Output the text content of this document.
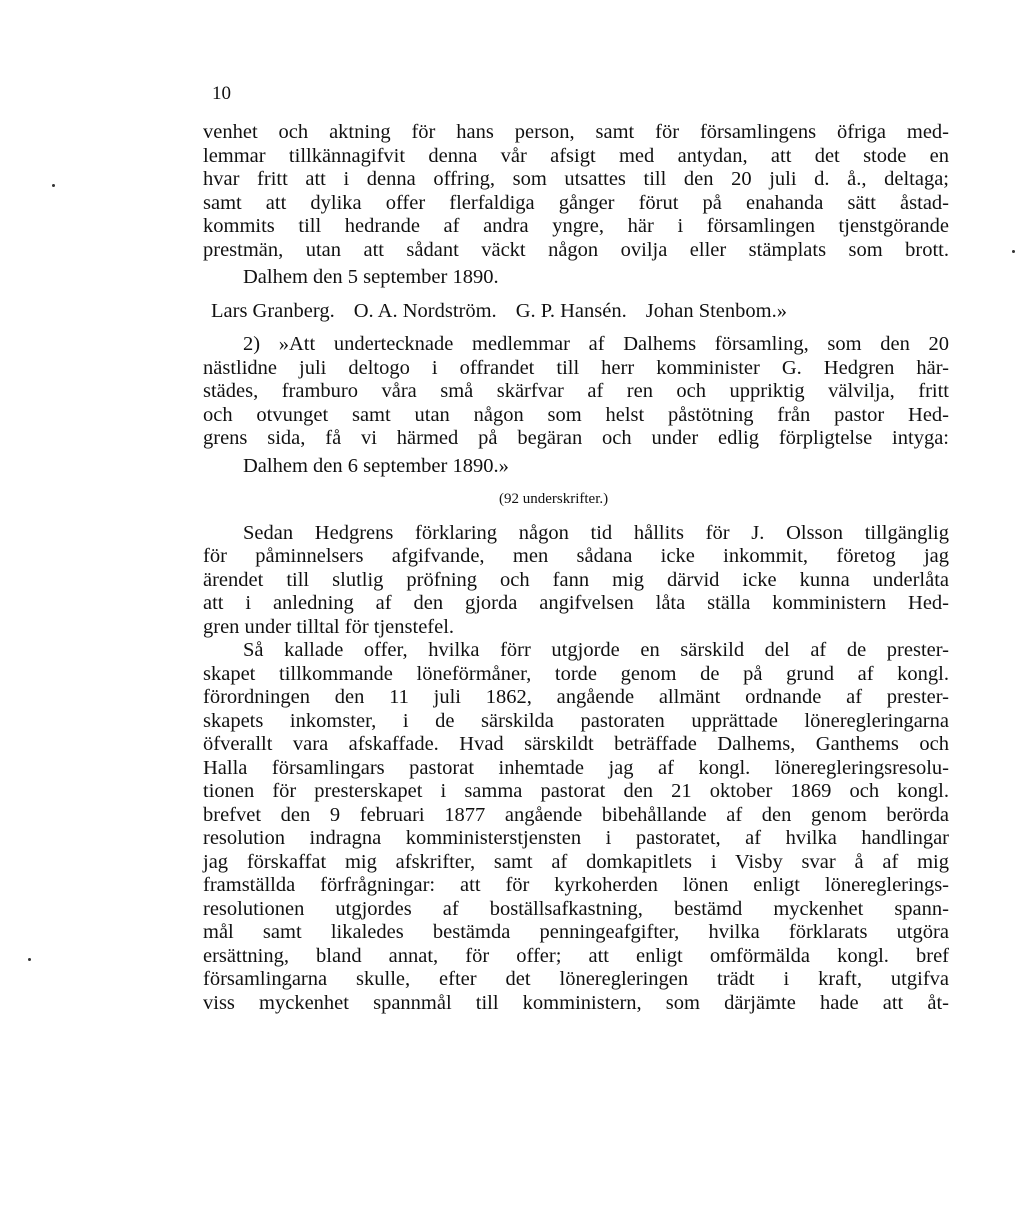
10
venhet och aktning för hans person, samt för församlingens öfriga med-
lemmar tillkännagifvit denna vår afsigt med antydan, att det stode en
hvar fritt att i denna offring, som utsattes till den 20 juli d. å., deltaga;
samt att dylika offer flerfaldiga gånger förut på enahanda sätt åstad-
kommits till hedrande af andra yngre, här i församlingen tjenstgörande
prestmän, utan att sådant väckt någon ovilja eller stämplats som brott.
Dalhem den 5 september 1890.
Lars Granberg. O. A. Nordström. G. P. Hansén. Johan Stenbom.»
2) »Att undertecknade medlemmar af Dalhems församling, som den 20
nästlidne juli deltogo i offrandet till herr komminister G. Hedgren här-
städes, framburo våra små skärfvar af ren och uppriktig välvilja, fritt
och otvunget samt utan någon som helst påstötning från pastor Hed-
grens sida, få vi härmed på begäran och under edlig förpligtelse intyga:
Dalhem den 6 september 1890.»
(92 underskrifter.)
Sedan Hedgrens förklaring någon tid hållits för J. Olsson tillgänglig
för påminnelsers afgifvande, men sådana icke inkommit, företog jag
ärendet till slutlig pröfning och fann mig därvid icke kunna underlåta
att i anledning af den gjorda angifvelsen låta ställa komministern Hed-
gren under tilltal för tjenstefel.
Så kallade offer, hvilka förr utgjorde en särskild del af de prester-
skapet tillkommande löneförmåner, torde genom de på grund af kongl.
förordningen den 11 juli 1862, angående allmänt ordnande af prester-
skapets inkomster, i de särskilda pastoraten upprättade löneregleringarna
öfverallt vara afskaffade. Hvad särskildt beträffade Dalhems, Ganthems och
Halla församlingars pastorat inhemtade jag af kongl. löneregleringsresolu-
tionen för presterskapet i samma pastorat den 21 oktober 1869 och kongl.
brefvet den 9 februari 1877 angående bibehållande af den genom berörda
resolution indragna komministerstjensten i pastoratet, af hvilka handlingar
jag förskaffat mig afskrifter, samt af domkapitlets i Visby svar å af mig
framställda förfrågningar: att för kyrkoherden lönen enligt lönereglerings-
resolutionen utgjordes af boställsafkastning, bestämd myckenhet spann-
mål samt likaledes bestämda penningeafgifter, hvilka förklarats utgöra
ersättning, bland annat, för offer; att enligt omförmälda kongl. bref
församlingarna skulle, efter det löneregleringen trädt i kraft, utgifva
viss myckenhet spannmål till komministern, som därjämte hade att åt-
